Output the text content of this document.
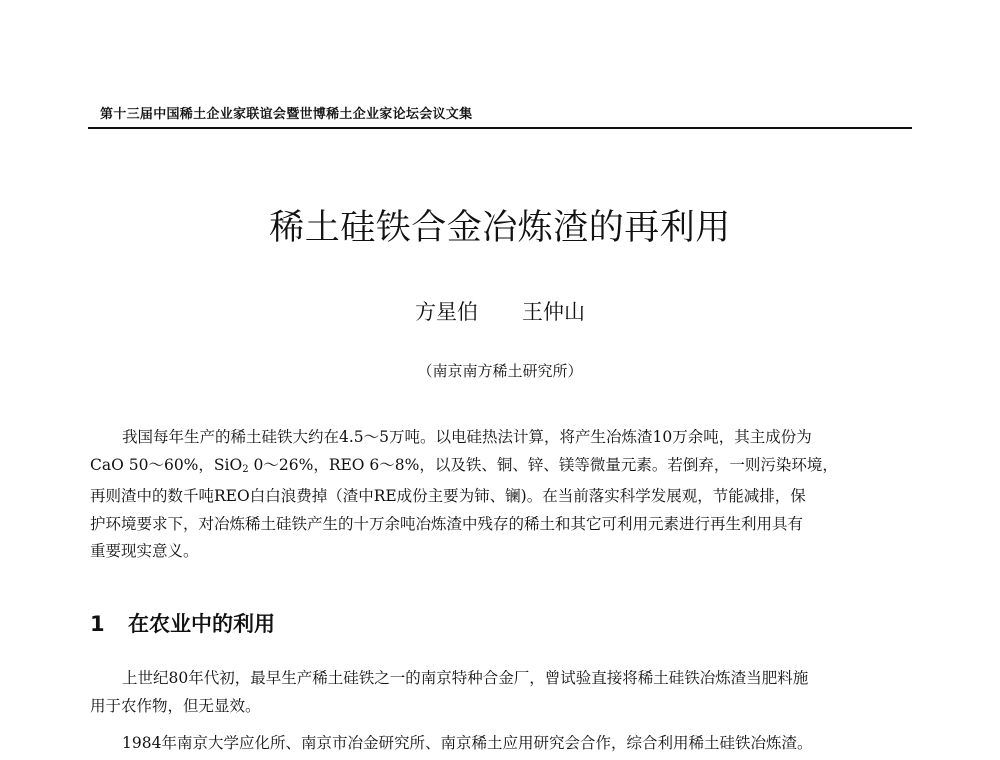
第十三届中国稀土企业家联谊会暨世博稀土企业家论坛会议文集
稀土硅铁合金冶炼渣的再利用
方星伯 王仲山
（南京南方稀土研究所）
我国每年生产的稀土硅铁大约在4.5～5万吨。以电硅热法计算，将产生冶炼渣10万余吨，其主成份为
CaO 50～60%，SiO$_2$ 0～26%，REO 6～8%，以及铁、铜、锌、镁等微量元素。若倒弃，一则污染环境，
再则渣中的数千吨REO白白浪费掉（渣中RE成份主要为铈、镧)。在当前落实科学发展观，节能减排，保
护环境要求下，对冶炼稀土硅铁产生的十万余吨冶炼渣中残存的稀土和其它可利用元素进行再生利用具有
重要现实意义。
1 在农业中的利用
上世纪80年代初，最早生产稀土硅铁之一的南京特种合金厂，曾试验直接将稀土硅铁冶炼渣当肥料施
用于农作物，但无显效。
1984年南京大学应化所、南京市冶金研究所、南京稀土应用研究会合作，综合利用稀土硅铁冶炼渣。
